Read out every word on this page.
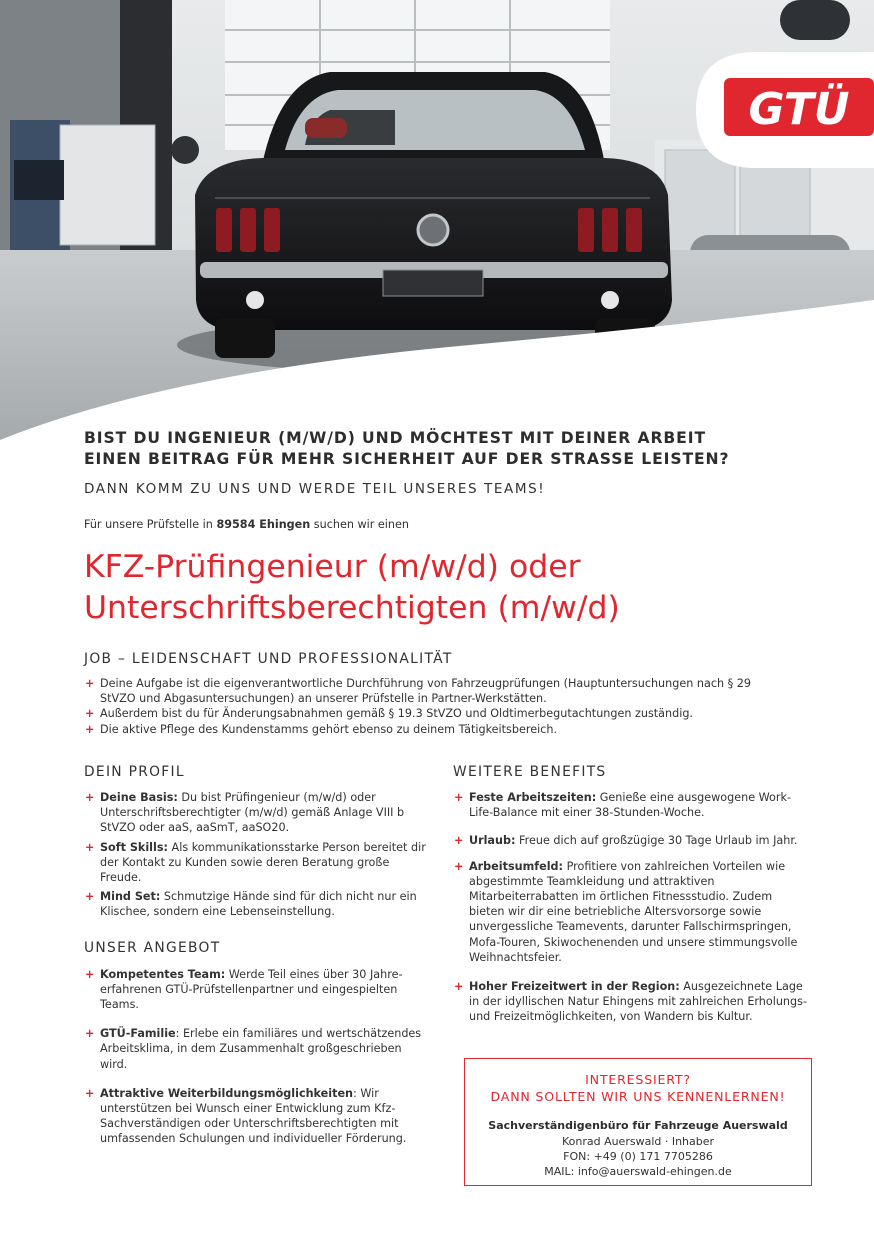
GTÜ
BIST DU INGENIEUR (M/W/D) UND MÖCHTEST MIT DEINER ARBEIT
EINEN BEITRAG FÜR MEHR SICHERHEIT AUF DER STRASSE LEISTEN?
DANN KOMM ZU UNS UND WERDE TEIL UNSERES TEAMS!
Für unsere Prüfstelle in 89584 Ehingen suchen wir einen
KFZ-Prüfingenieur (m/w/d) oder
Unterschriftsberechtigten (m/w/d)
JOB – LEIDENSCHAFT UND PROFESSIONALITÄT
+ Deine Aufgabe ist die eigenverantwortliche Durchführung von Fahrzeugprüfungen (Hauptuntersuchungen nach § 29 StVZO und Abgasuntersuchungen) an unserer Prüfstelle in Partner-Werkstätten.
+ Außerdem bist du für Änderungsabnahmen gemäß § 19.3 StVZO und Oldtimerbegutachtungen zuständig.
+ Die aktive Pflege des Kundenstamms gehört ebenso zu deinem Tätigkeitsbereich.
DEIN PROFIL
+ Deine Basis: Du bist Prüfingenieur (m/w/d) oder Unterschriftsberechtigter (m/w/d) gemäß Anlage VIII b StVZO oder aaS, aaSmT, aaSO20.
+ Soft Skills: Als kommunikationsstarke Person bereitet dir der Kontakt zu Kunden sowie deren Beratung große Freude.
+ Mind Set: Schmutzige Hände sind für dich nicht nur ein Klischee, sondern eine Lebenseinstellung.
UNSER ANGEBOT
+ Kompetentes Team: Werde Teil eines über 30 Jahre-erfahrenen GTÜ-Prüfstellenpartner und eingespielten Teams.
+ GTÜ-Familie: Erlebe ein familiäres und wertschätzendes Arbeitsklima, in dem Zusammenhalt großgeschrieben wird.
+ Attraktive Weiterbildungsmöglichkeiten: Wir unterstützen bei Wunsch einer Entwicklung zum Kfz- Sachverständigen oder Unterschriftsberechtigten mit umfassenden Schulungen und individueller Förderung.
WEITERE BENEFITS
+ Feste Arbeitszeiten: Genieße eine ausgewogene Work-Life-Balance mit einer 38-Stunden-Woche.
+ Urlaub: Freue dich auf großzügige 30 Tage Urlaub im Jahr.
+ Arbeitsumfeld: Profitiere von zahlreichen Vorteilen wie abgestimmte Teamkleidung und attraktiven Mitarbeiterrabatten im örtlichen Fitnessstudio. Zudem bieten wir dir eine betriebliche Altersvorsorge sowie unvergessliche Teamevents, darunter Fallschirmspringen, Mofa-Touren, Skiwochenenden und unsere stimmungsvolle Weihnachtsfeier.
+ Hoher Freizeitwert in der Region: Ausgezeichnete Lage in der idyllischen Natur Ehingens mit zahlreichen Erholungs- und Freizeitmöglichkeiten, von Wandern bis Kultur.
INTERESSIERT?
DANN SOLLTEN WIR UNS KENNENLERNEN!
Sachverständigenbüro für Fahrzeuge Auerswald
Konrad Auerswald · Inhaber
FON: +49 (0) 171 7705286
MAIL: info@auerswald-ehingen.de
